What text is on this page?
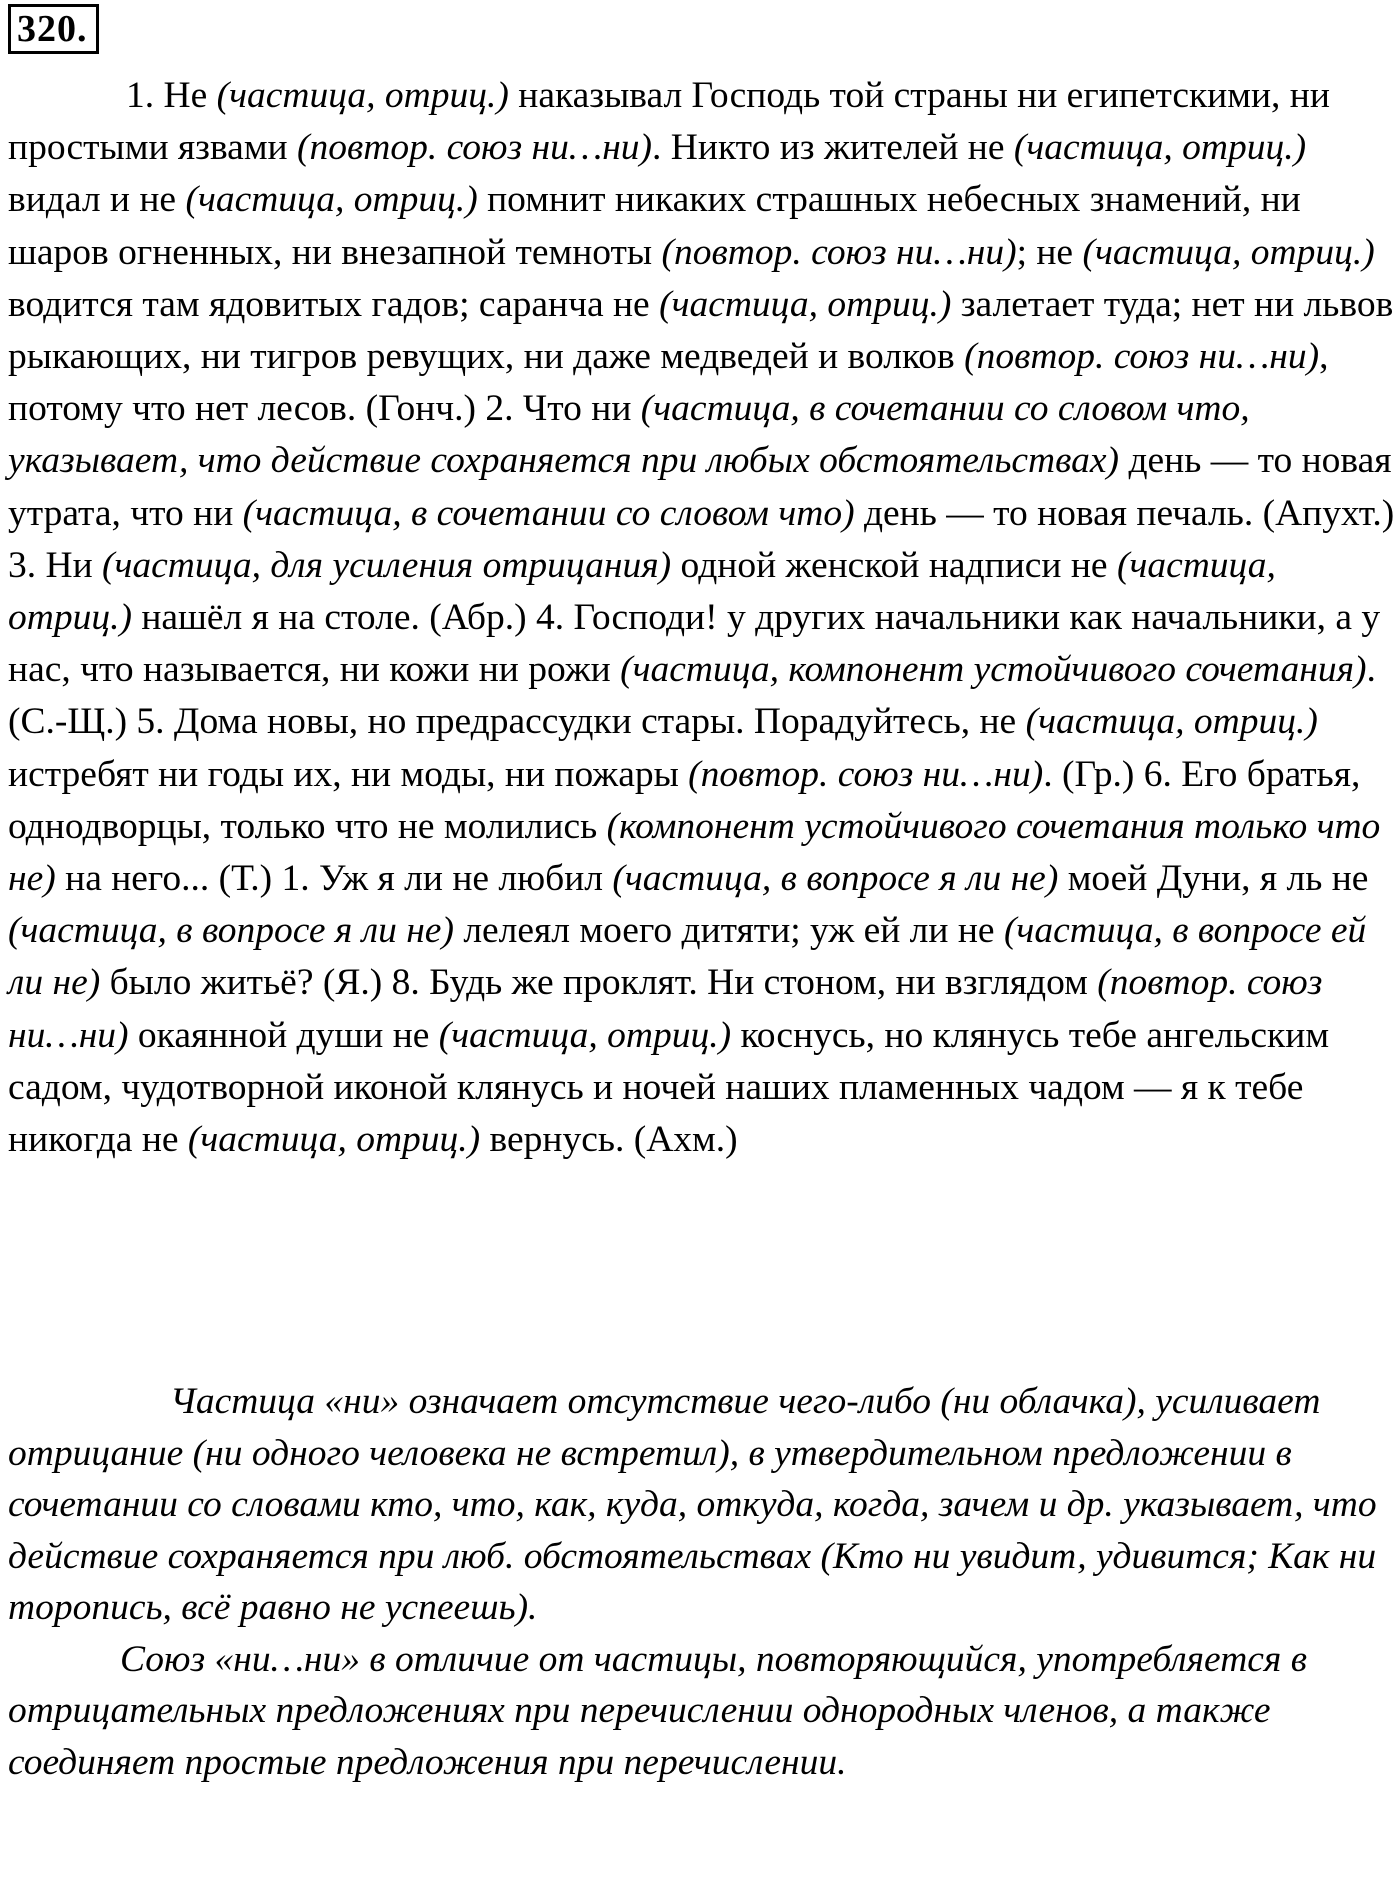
320.

1. Не (частица, отриц.) наказывал Господь той страны ни египетскими, ни простыми язвами (повтор. союз ни…ни). Никто из жителей не (частица, отриц.) видал и не (частица, отриц.) помнит никаких страшных небесных знамений, ни шаров огненных, ни внезапной темноты (повтор. союз ни…ни); не (частица, отриц.) водится там ядовитых гадов; саранча не (частица, отриц.) залетает туда; нет ни львов рыкающих, ни тигров ревущих, ни даже медведей и волков (повтор. союз ни…ни), потому что нет лесов. (Гонч.) 2. Что ни (частица, в сочетании со словом что, указывает, что действие сохраняется при любых обстоятельствах) день — то новая утрата, что ни (частица, в сочетании со словом что) день — то новая печаль. (Апухт.) 3. Ни (частица, для усиления отрицания) одной женской надписи не (частица, отриц.) нашёл я на столе. (Абр.) 4. Господи! у других начальники как начальники, а у нас, что называется, ни кожи ни рожи (частица, компонент устойчивого сочетания). (С.-Щ.) 5. Дома новы, но предрассудки стары. Порадуйтесь, не (частица, отриц.) истребят ни годы их, ни моды, ни пожары (повтор. союз ни…ни). (Гр.) 6. Его братья, однодворцы, только что не молились (компонент устойчивого сочетания только что не) на него... (Т.) 1. Уж я ли не любил (частица, в вопросе я ли не) моей Дуни, я ль не (частица, в вопросе я ли не) лелеял моего дитяти; уж ей ли не (частица, в вопросе ей ли не) было житьё? (Я.) 8. Будь же проклят. Ни стоном, ни взглядом (повтор. союз ни…ни) окаянной души не (частица, отриц.) коснусь, но клянусь тебе ангельским садом, чудотворной иконой клянусь и ночей наших пламенных чадом — я к тебе никогда не (частица, отриц.) вернусь. (Ахм.)

Частица «ни» означает отсутствие чего-либо (ни облачка), усиливает отрицание (ни одного человека не встретил), в утвердительном предложении в сочетании со словами кто, что, как, куда, откуда, когда, зачем и др. указывает, что действие сохраняется при люб. обстоятельствах (Кто ни увидит, удивится; Как ни торопись, всё равно не успеешь).

Союз «ни…ни» в отличие от частицы, повторяющийся, употребляется в отрицательных предложениях при перечислении однородных членов, а также соединяет простые предложения при перечислении.
